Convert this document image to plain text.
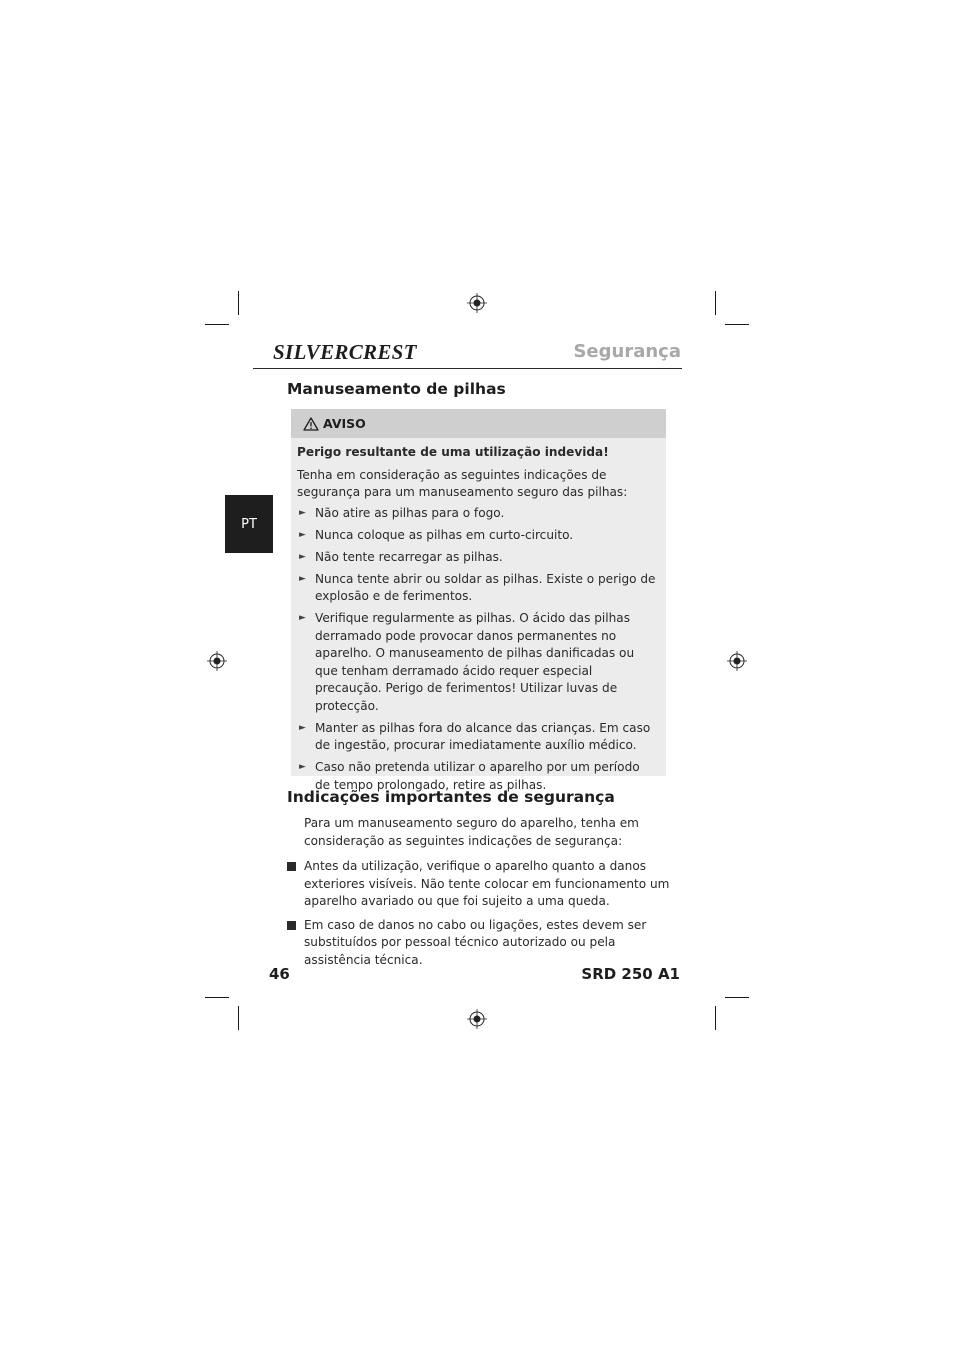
SILVERCREST	Segurança
PT
Manuseamento de pilhas
AVISO

Perigo resultante de uma utilização indevida!

Tenha em consideração as seguintes indicações de segurança para um manuseamento seguro das pilhas:

► Não atire as pilhas para o fogo.
► Nunca coloque as pilhas em curto-circuito.
► Não tente recarregar as pilhas.
► Nunca tente abrir ou soldar as pilhas. Existe o perigo de explosão e de ferimentos.
► Verifique regularmente as pilhas. O ácido das pilhas derramado pode provocar danos permanentes no aparelho. O manuseamento de pilhas danificadas ou que tenham derramado ácido requer especial precaução. Perigo de ferimentos! Utilizar luvas de protecção.
► Manter as pilhas fora do alcance das crianças. Em caso de ingestão, procurar imediatamente auxílio médico.
► Caso não pretenda utilizar o aparelho por um período de tempo prolongado, retire as pilhas.
Indicações importantes de segurança

Para um manuseamento seguro do aparelho, tenha em consideração as seguintes indicações de segurança:

Antes da utilização, verifique o aparelho quanto a danos exteriores visíveis. Não tente colocar em funcionamento um aparelho avariado ou que foi sujeito a uma queda.
Em caso de danos no cabo ou ligações, estes devem ser substituídos por pessoal técnico autorizado ou pela assistência técnica.
46	SRD 250 A1
